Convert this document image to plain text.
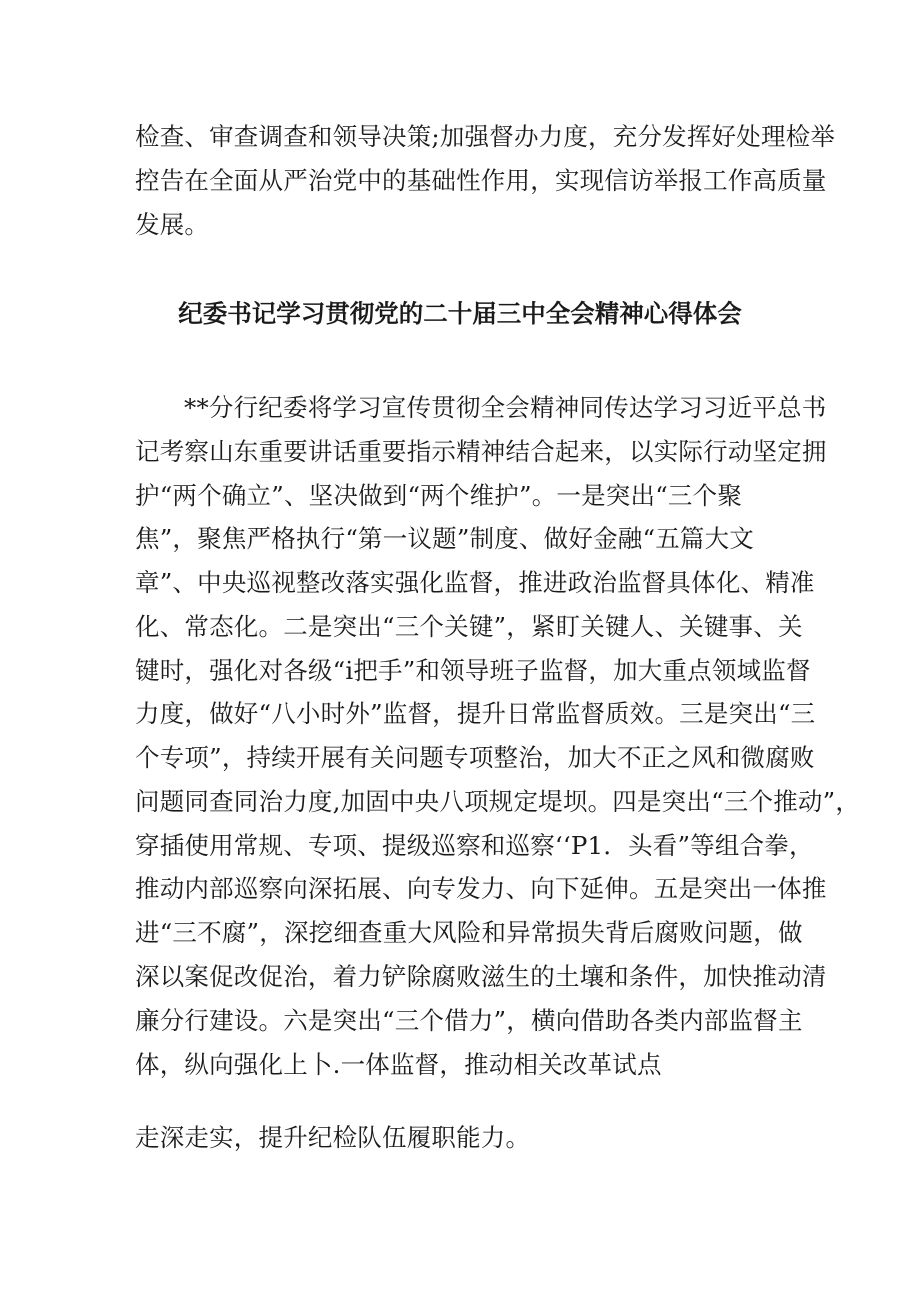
检查、审查调查和领导决策;加强督办力度，充分发挥好处理检举
控告在全面从严治党中的基础性作用，实现信访举报工作高质量
发展。
纪委书记学习贯彻党的二十届三中全会精神心得体会
**分行纪委将学习宣传贯彻全会精神同传达学习习近平总书
记考察山东重要讲话重要指示精神结合起来，以实际行动坚定拥
护“两个确立”、坚决做到“两个维护”。一是突出“三个聚
焦”，聚焦严格执行“第一议题”制度、做好金融“五篇大文
章”、中央巡视整改落实强化监督，推进政治监督具体化、精准
化、常态化。二是突出“三个关键”，紧盯关键人、关键事、关
键时，强化对各级“i把手”和领导班子监督，加大重点领域监督
力度，做好“八小时外”监督，提升日常监督质效。三是突出“三
个专项”，持续开展有关问题专项整治，加大不正之风和微腐败
问题同查同治力度,加固中央八项规定堤坝。四是突出“三个推动”，
穿插使用常规、专项、提级巡察和巡察‘‘P1．头看”等组合拳，
推动内部巡察向深拓展、向专发力、向下延伸。五是突出一体推
进“三不腐”，深挖细查重大风险和异常损失背后腐败问题，做
深以案促改促治，着力铲除腐败滋生的土壤和条件，加快推动清
廉分行建设。六是突出“三个借力”，横向借助各类内部监督主
体，纵向强化上卜.一体监督，推动相关改革试点
走深走实，提升纪检队伍履职能力。
